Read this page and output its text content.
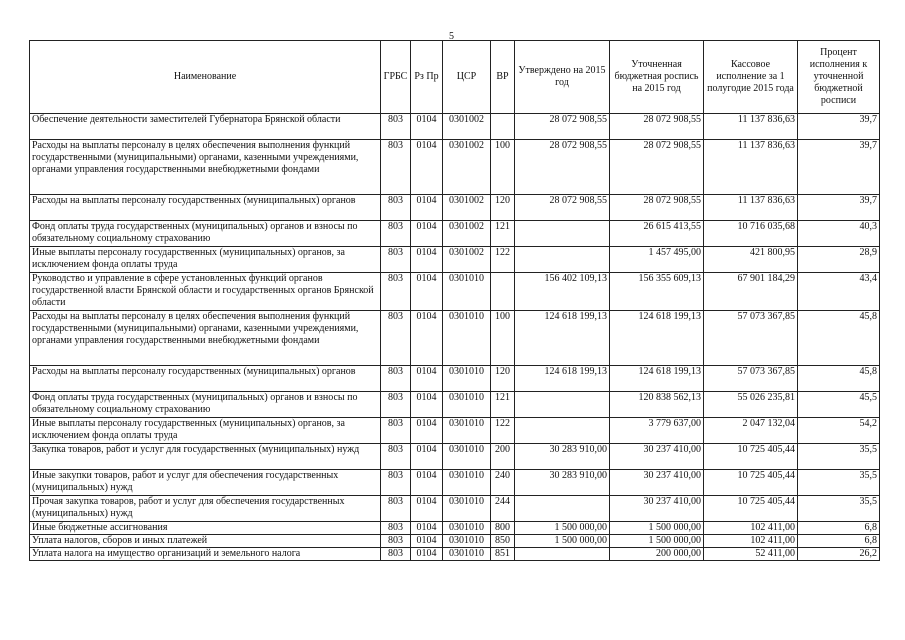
5
Наименование	ГРБС	Рз Пр	ЦСР	ВР	Утверждено на 2015 год	Уточненная бюджетная роспись на 2015 год	Кассовое исполнение за 1 полугодие 2015 года	Процент исполнения к уточненной бюджетной росписи
Обеспечение деятельности заместителей Губернатора Брянской области	803	0104	0301002		28 072 908,55	28 072 908,55	11 137 836,63	39,7
Расходы на выплаты персоналу в целях обеспечения выполнения функций государственными (муниципальными) органами, казенными учреждениями, органами управления государственными внебюджетными фондами	803	0104	0301002	100	28 072 908,55	28 072 908,55	11 137 836,63	39,7
Расходы на выплаты персоналу государственных (муниципальных) органов	803	0104	0301002	120	28 072 908,55	28 072 908,55	11 137 836,63	39,7
Фонд оплаты труда государственных (муниципальных) органов и взносы по обязательному социальному страхованию	803	0104	0301002	121		26 615 413,55	10 716 035,68	40,3
Иные выплаты персоналу государственных (муниципальных) органов, за исключением фонда оплаты труда	803	0104	0301002	122		1 457 495,00	421 800,95	28,9
Руководство и управление в сфере установленных функций органов государственной власти Брянской области и государственных органов Брянской области	803	0104	0301010		156 402 109,13	156 355 609,13	67 901 184,29	43,4
Расходы на выплаты персоналу в целях обеспечения выполнения функций государственными (муниципальными) органами, казенными учреждениями, органами управления государственными внебюджетными фондами	803	0104	0301010	100	124 618 199,13	124 618 199,13	57 073 367,85	45,8
Расходы на выплаты персоналу государственных (муниципальных) органов	803	0104	0301010	120	124 618 199,13	124 618 199,13	57 073 367,85	45,8
Фонд оплаты труда государственных (муниципальных) органов и взносы по обязательному социальному страхованию	803	0104	0301010	121		120 838 562,13	55 026 235,81	45,5
Иные выплаты персоналу государственных (муниципальных) органов, за исключением фонда оплаты труда	803	0104	0301010	122		3 779 637,00	2 047 132,04	54,2
Закупка товаров, работ и услуг для государственных (муниципальных) нужд	803	0104	0301010	200	30 283 910,00	30 237 410,00	10 725 405,44	35,5
Иные закупки товаров, работ и услуг для обеспечения государственных (муниципальных) нужд	803	0104	0301010	240	30 283 910,00	30 237 410,00	10 725 405,44	35,5
Прочая закупка товаров, работ и услуг для обеспечения государственных (муниципальных) нужд	803	0104	0301010	244		30 237 410,00	10 725 405,44	35,5
Иные бюджетные ассигнования	803	0104	0301010	800	1 500 000,00	1 500 000,00	102 411,00	6,8
Уплата налогов, сборов и иных платежей	803	0104	0301010	850	1 500 000,00	1 500 000,00	102 411,00	6,8
Уплата налога на имущество организаций и земельного налога	803	0104	0301010	851		200 000,00	52 411,00	26,2
